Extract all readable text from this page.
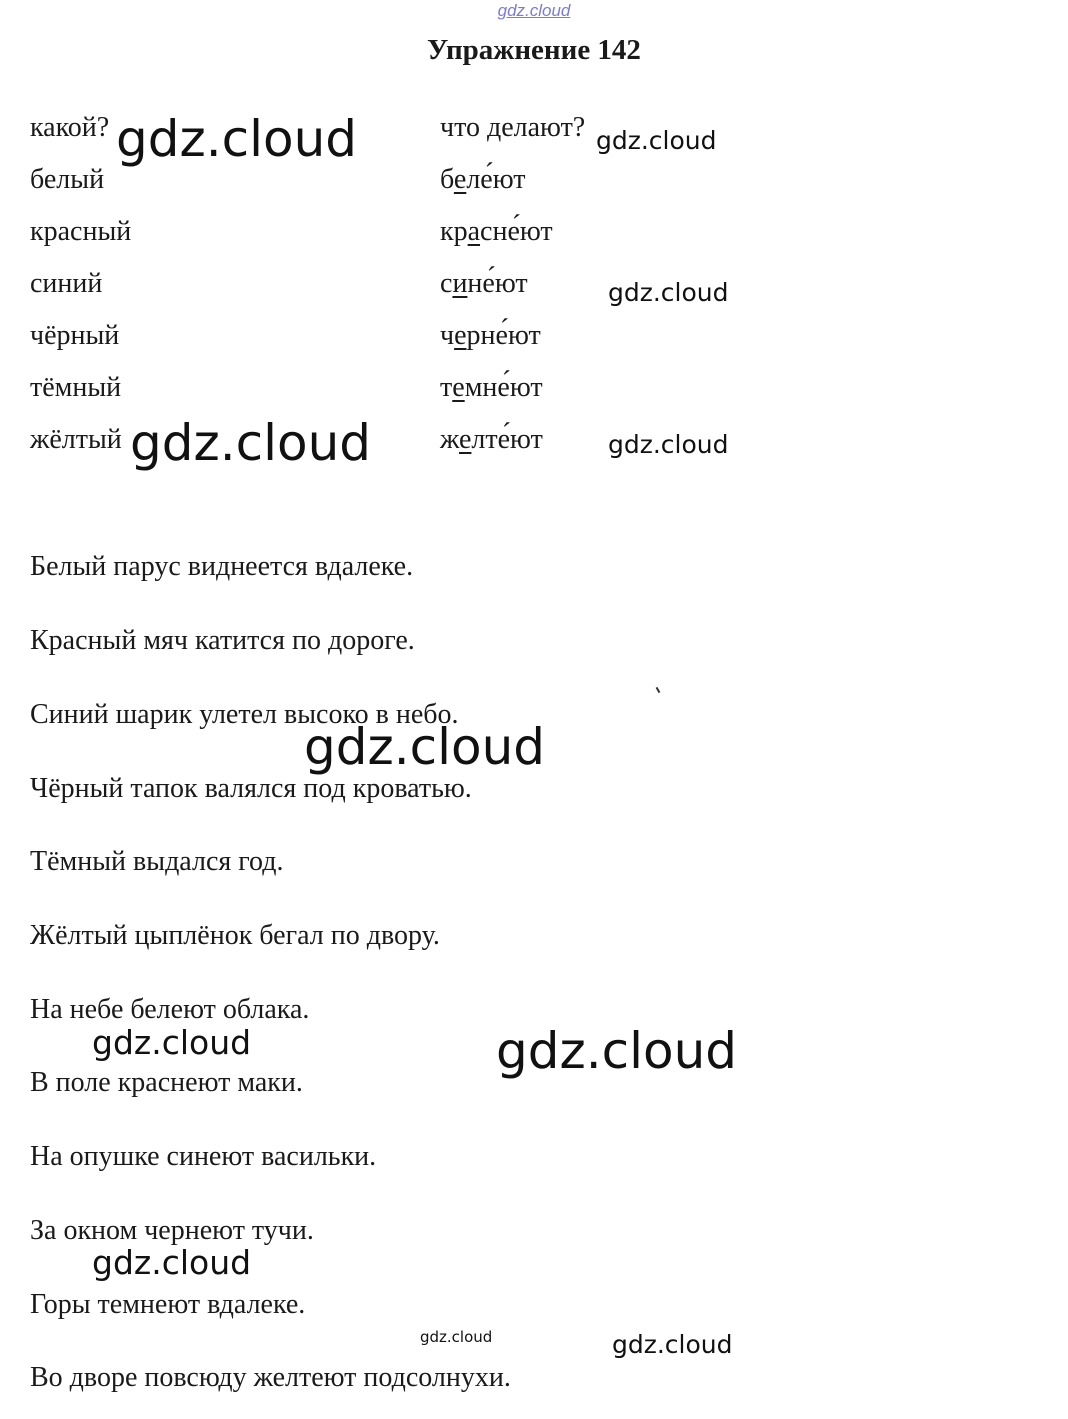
gdz.cloud
Упражнение 142
какой?	что делают?
белый	беле́ют
красный	красне́ют
синий	сине́ют
чёрный	черне́ют
тёмный	темне́ют
жёлтый	желте́ют
Белый парус виднеется вдалеке.
Красный мяч катится по дороге.
Синий шарик улетел высоко в небо.
Чёрный тапок валялся под кроватью.
Тёмный выдался год.
Жёлтый цыплёнок бегал по двору.
На небе белеют облака.
В поле краснеют маки.
На опушке синеют васильки.
За окном чернеют тучи.
Горы темнеют вдалеке.
Во дворе повсюду желтеют подсолнухи.
gdz.cloud	gdz.cloud
gdz.cloud
gdz.cloud	gdz.cloud
gdz.cloud
gdz.cloud	gdz.cloud
gdz.cloud
gdz.cloud	gdz.cloud
